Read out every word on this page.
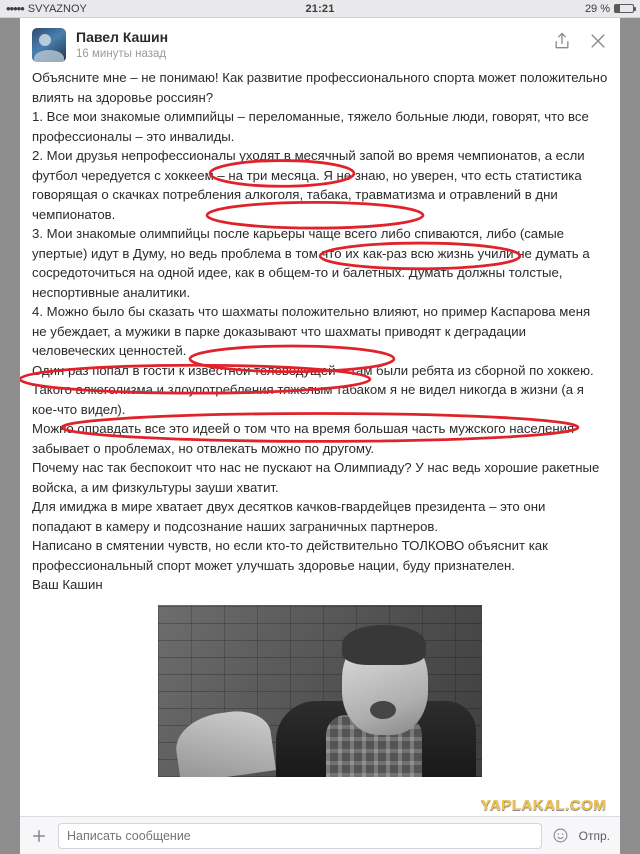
••••• SVYAZNOY	21:21	29 %
Павел Кашин
16 минуты назад

Объясните мне – не понимаю! Как развитие профессионального спорта может положительно влиять на здоровье россиян?

1. Все мои знакомые олимпийцы – переломанные, тяжело больные люди, говорят, что все профессионалы – это инвалиды.

2. Мои друзья непрофессионалы уходят в месячный запой во время чемпионатов, а если футбол чередуется с хоккеем – на три месяца. Я не знаю, но уверен, что есть статистика говорящая о скачках потребления алкоголя, табака, травматизма и отравлений в дни чемпионатов.

3. Мои знакомые олимпийцы после карьеры чаще всего либо спиваются, либо (самые упертые) идут в Думу, но ведь проблема в том что их как-раз всю жизнь учили не думать а сосредоточиться на одной идее, как в общем-то и балетных. Думать должны толстые, неспортивные аналитики.

4. Можно было бы сказать что шахматы положительно влияют, но пример Каспарова меня не убеждает, а мужики в парке доказывают что шахматы приводят к деградации человеческих ценностей.

Один раз попал в гости к известной телеведущей – там были ребята из сборной по хоккею. Такого алкоголизма и злоупотребления тяжелым табаком я не видел никогда в жизни (а я кое-что видел).

Можно оправдать все это идеей о том что на время большая часть мужского населения забывает о проблемах, но отвлекать можно по другому.

Почему нас так беспокоит что нас не пускают на Олимпиаду? У нас ведь хорошие ракетные войска, а им физкультуры зауши хватит.

Для имиджа в мире хватает двух десятков качков-гвардейцев президента – это они попадают в камеру и подсознание наших заграничных партнеров.

Написано в смятении чувств, но если кто-то действительно ТОЛКОВО объяснит как профессиональный спорт может улучшать здоровье нации, буду признателен.

Ваш Кашин

YAPLAKAL.COM
Написать сообщение
Отпр.
